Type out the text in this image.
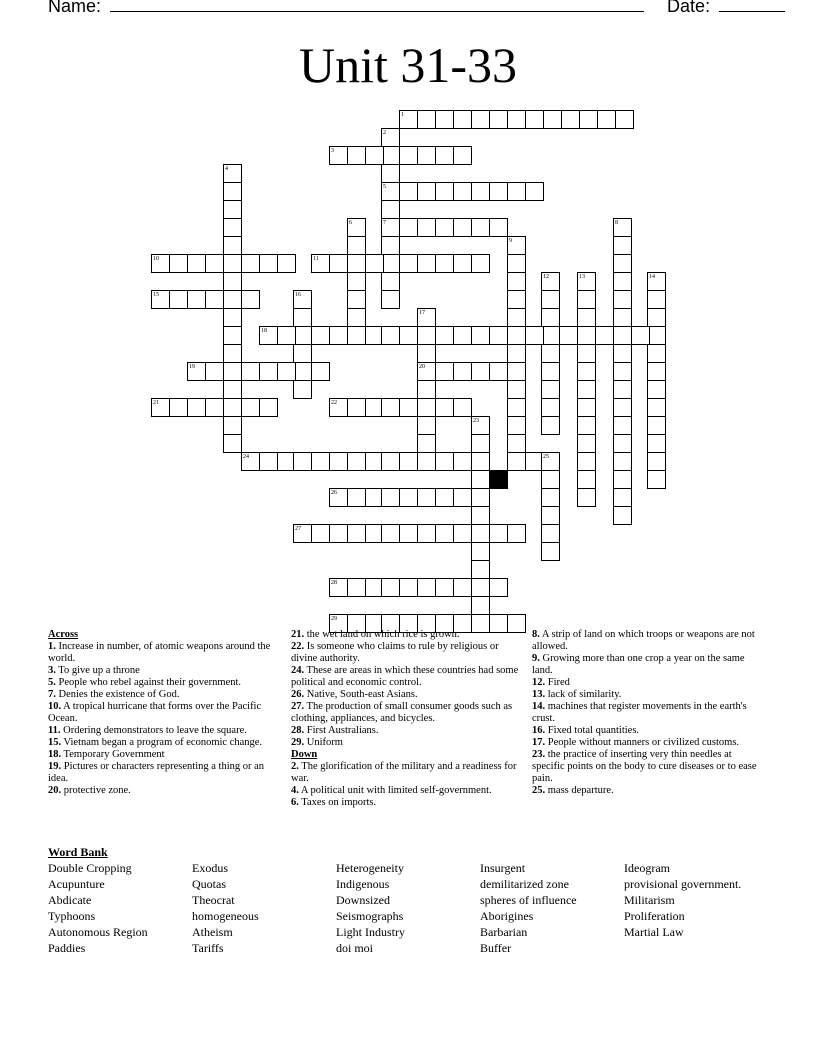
Name:	Date:
Unit 31-33
1
2
3
4
5
6	7	8
9
10	11
12	13	14
15	16
17
18
19	20
21	22
23
24	25
26
27
28
29
Across
1. Increase in number, of atomic weapons around the world.
3. To give up a throne
5. People who rebel against their government.
7. Denies the existence of God.
10. A tropical hurricane that forms over the Pacific Ocean.
11. Ordering demonstrators to leave the square.
15. Vietnam began a program of economic change.
18. Temporary Government
19. Pictures or characters representing a thing or an idea.
20. protective zone.
21. the wet land on which rice is grown.
22. Is someone who claims to rule by religious or divine authority.
24. These are areas in which these countries had some political and economic control.
26. Native, South-east Asians.
27. The production of small consumer goods such as clothing, appliances, and bicycles.
28. First Australians.
29. Uniform
Down
2. The glorification of the military and a readiness for war.
4. A political unit with limited self-government.
6. Taxes on imports.
8. A strip of land on which troops or weapons are not allowed.
9. Growing more than one crop a year on the same land.
12. Fired
13. lack of similarity.
14. machines that register movements in the earth's crust.
16. Fixed total quantities.
17. People without manners or civilized customs.
23. the practice of inserting very thin needles at specific points on the body to cure diseases or to ease pain.
25. mass departure.
Word Bank
Double Cropping
Acupunture
Abdicate
Typhoons
Autonomous Region
Paddies
Exodus
Quotas
Theocrat
homogeneous
Atheism
Tariffs
Heterogeneity
Indigenous
Downsized
Seismographs
Light Industry
doi moi
Insurgent
demilitarized zone
spheres of influence
Aborigines
Barbarian
Buffer
Ideogram
provisional government.
Militarism
Proliferation
Martial Law
